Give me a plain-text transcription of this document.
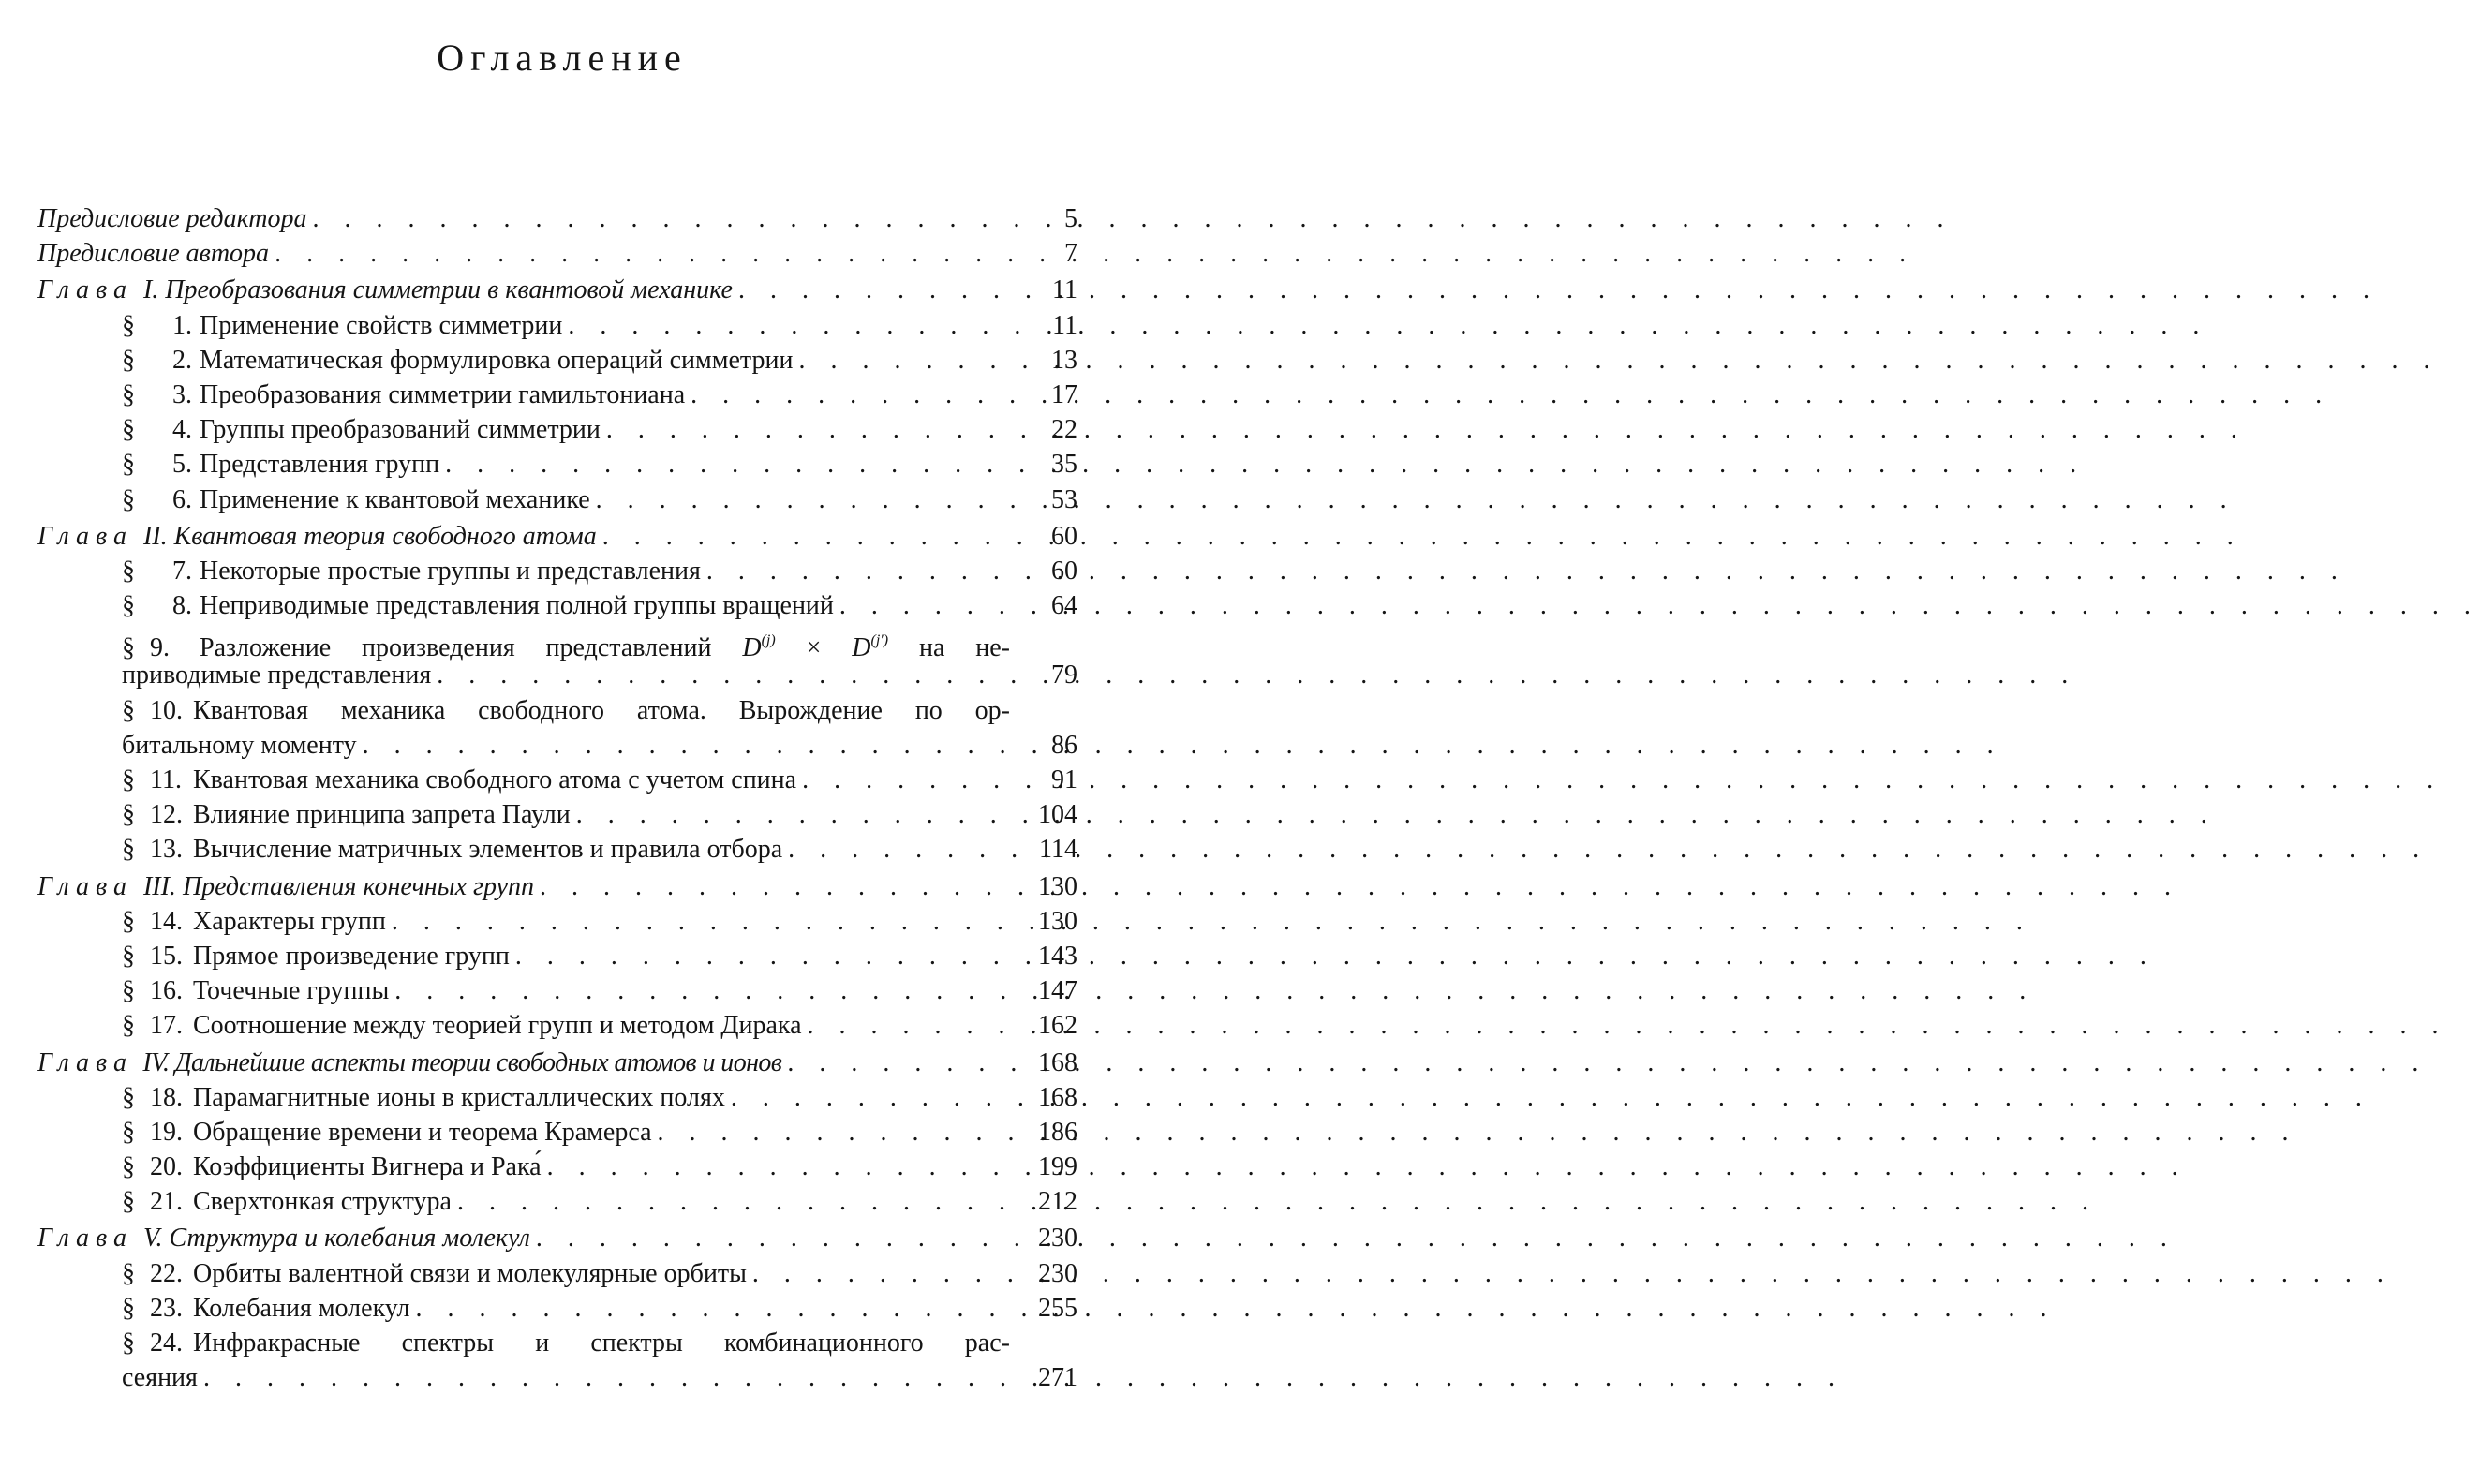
Оглавление
Предисловие редактора . . .	5
Предисловие автора . . .	7
Глава I. Преобразования симметрии в квантовой механике . . .	11
§ 1. Применение свойств симметрии . . .	11
§ 2. Математическая формулировка операций симметрии . . .	13
§ 3. Преобразования симметрии гамильтониана . . .	17
§ 4. Группы преобразований симметрии . . .	22
§ 5. Представления групп . . .	35
§ 6. Применение к квантовой механике . . .	53
Глава II. Квантовая теория свободного атома . . .	60
§ 7. Некоторые простые группы и представления . . .	60
§ 8. Неприводимые представления полной группы вращений . . .	64
§ 9. Разложение произведения представлений $D^{(j)} \times D^{(j')}$ на не-
приводимые представления . . .	79
§ 10. Квантовая механика свободного атома. Вырождение по ор-
битальному моменту . . .	86
§ 11. Квантовая механика свободного атома с учетом спина . . .	91
§ 12. Влияние принципа запрета Паули . . .	104
§ 13. Вычисление матричных элементов и правила отбора . . .	114
Глава III. Представления конечных групп . . .	130
§ 14. Характеры групп . . .	130
§ 15. Прямое произведение групп . . .	143
§ 16. Точечные группы . . .	147
§ 17. Соотношение между теорией групп и методом Дирака . . .	162
Глава IV. Дальнейшие аспекты теории свободных атомов и ионов . . .	168
§ 18. Парамагнитные ионы в кристаллических полях . . .	168
§ 19. Обращение времени и теорема Крамерса . . .	186
§ 20. Коэффициенты Вигнера и Рака́ . . .	199
§ 21. Сверхтонкая структура . . .	212
Глава V. Структура и колебания молекул . . .	230
§ 22. Орбиты валентной связи и молекулярные орбиты . . .	230
§ 23. Колебания молекул . . .	255
§ 24. Инфракрасные спектры и спектры комбинационного рас-
сеяния . . .	271
